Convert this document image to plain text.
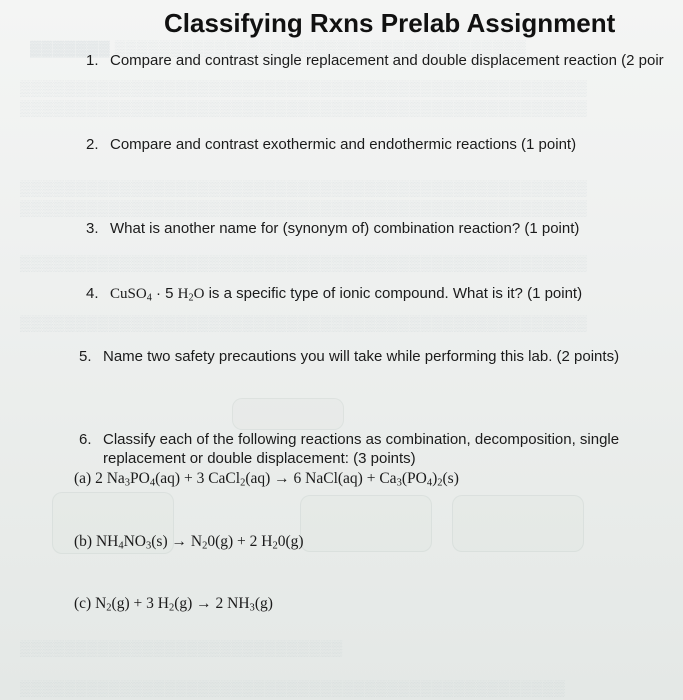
▓▓▓▓▓▓▓ ▒▒▒▒▒▒▒▒▒▒▒▒▒▒▒▒▒▒▒▒▒▒▒▒▒▒▒▒▒▒▒▒▒▒▒▒▒
▒▒▒▒▒▒▒▒▒▒▒▒▒▒▒▒▒▒▒▒▒▒▒▒▒▒▒▒▒▒▒▒▒▒▒▒▒▒▒▒▒▒▒▒▒▒▒▒▒▒▒
▒▒▒▒▒▒▒▒▒▒▒▒▒▒▒▒▒▒▒▒▒▒▒▒▒▒▒▒▒▒▒▒▒▒▒▒▒▒▒▒▒▒▒▒▒▒▒▒▒▒▒
▒▒▒▒▒▒▒▒▒▒▒▒▒▒▒▒▒▒▒▒▒▒▒▒▒▒▒▒▒▒▒▒▒▒▒▒▒▒▒▒▒▒▒▒▒▒▒▒▒▒▒
▒▒▒▒▒▒▒▒▒▒▒▒▒▒▒▒▒▒▒▒▒▒▒▒▒▒▒▒▒▒▒▒▒▒▒▒▒▒▒▒▒▒▒▒▒▒▒▒▒▒▒
▒▒▒▒▒▒▒▒▒▒▒▒▒▒▒▒▒▒▒▒▒▒▒▒▒▒▒▒▒▒▒▒▒▒▒▒▒▒▒▒▒▒▒▒▒▒▒▒▒▒▒
▒▒▒▒▒▒▒▒▒▒▒▒▒▒▒▒▒▒▒▒▒▒▒▒▒▒▒▒▒▒▒▒▒▒▒▒▒▒▒▒▒▒▒▒▒▒▒▒▒▒▒
▒▒▒▒▒▒▒▒▒▒▒▒▒▒▒▒▒▒▒▒▒▒▒▒▒▒▒▒▒
▒▒▒▒▒▒▒▒▒▒▒▒▒▒▒▒▒▒▒▒▒▒▒▒▒▒▒▒▒▒▒▒▒▒▒▒▒▒▒▒▒▒▒▒▒▒▒▒▒
Classifying Rxns Prelab Assignment
1. Compare and contrast single replacement and double displacement reaction (2 poir
2. Compare and contrast exothermic and endothermic reactions (1 point)
3. What is another name for (synonym of) combination reaction? (1 point)
4. CuSO$_4$ · 5 $H_2O$ is a specific type of ionic compound. What is it? (1 point)
5. Name two safety precautions you will take while performing this lab. (2 points)
6. Classify each of the following reactions as combination, decomposition, single
replacement or double displacement: (3 points)
(a) 2 $Na_3PO_4(aq) + 3$ CaCl$_2$(aq) → 6 NaCl(aq) + $Ca_3(PO_4)_2(s)$
(b) $NH_4NO_3(s) \to N_20(g) + 2$ $H_20(g)$
(c) $N_2(g) + 3$ $H_2(g) \to 2$ $NH_3(g)$
